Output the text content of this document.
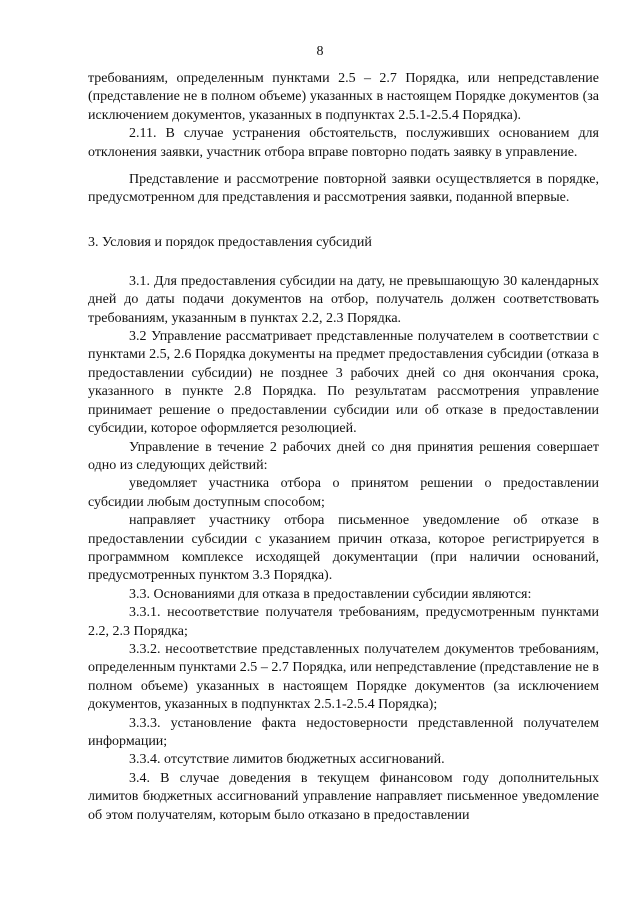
8

требованиям, определенным пунктами 2.5 – 2.7 Порядка, или непредставление (представление не в полном объеме) указанных в настоящем Порядке документов (за исключением документов, указанных в подпунктах 2.5.1-2.5.4 Порядка).

2.11. В случае устранения обстоятельств, послуживших основанием для отклонения заявки, участник отбора вправе повторно подать заявку в управление.

Представление и рассмотрение повторной заявки осуществляется в порядке, предусмотренном для представления и рассмотрения заявки, поданной впервые.

3. Условия и порядок предоставления субсидий

3.1. Для предоставления субсидии на дату, не превышающую 30 календарных дней до даты подачи документов на отбор, получатель должен соответствовать требованиям, указанным в пунктах 2.2, 2.3 Порядка.

3.2 Управление рассматривает представленные получателем в соответствии с пунктами 2.5, 2.6 Порядка документы на предмет предоставления субсидии (отказа в предоставлении субсидии) не позднее 3 рабочих дней со дня окончания срока, указанного в пункте 2.8 Порядка. По результатам рассмотрения управление принимает решение о предоставлении субсидии или об отказе в предоставлении субсидии, которое оформляется резолюцией.

Управление в течение 2 рабочих дней со дня принятия решения совершает одно из следующих действий:

уведомляет участника отбора о принятом решении о предоставлении субсидии любым доступным способом;

направляет участнику отбора письменное уведомление об отказе в предоставлении субсидии с указанием причин отказа, которое регистрируется в программном комплексе исходящей документации (при наличии оснований, предусмотренных пунктом 3.3 Порядка).

3.3. Основаниями для отказа в предоставлении субсидии являются:

3.3.1. несоответствие получателя требованиям, предусмотренным пунктами 2.2, 2.3 Порядка;

3.3.2. несоответствие представленных получателем документов требованиям, определенным пунктами 2.5 – 2.7 Порядка, или непредставление (представление не в полном объеме) указанных в настоящем Порядке документов (за исключением документов, указанных в подпунктах 2.5.1-2.5.4 Порядка);

3.3.3. установление факта недостоверности представленной получателем информации;

3.3.4. отсутствие лимитов бюджетных ассигнований.

3.4. В случае доведения в текущем финансовом году дополнительных лимитов бюджетных ассигнований управление направляет письменное уведомление об этом получателям, которым было отказано в предоставлении
